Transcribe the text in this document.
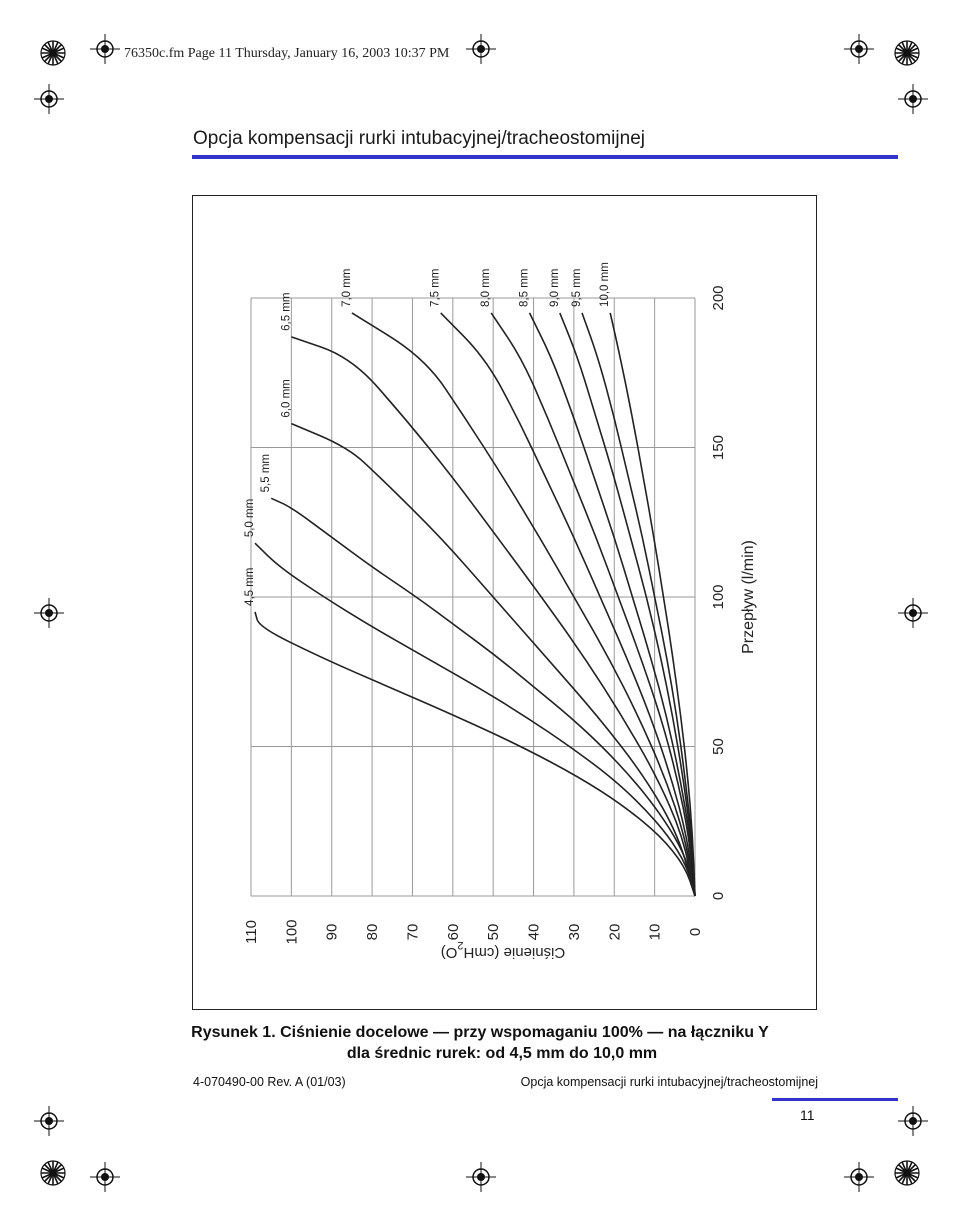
76350c.fm Page 11 Thursday, January 16, 2003 10:37 PM
Opcja kompensacji rurki intubacyjnej/tracheostomijnej
4,5 mm
5,0 mm
5,5 mm
6,0 mm
6,5 mm
7,0 mm	7,5 mm	8,0 mm 8,5 mm 9,0 mm 9,5 mm 10,0 mm
0
10
20
30
40
50
60
70
80
90
100
110
0
50
100
150
200
Przepływ (l/min)
Ciśnienie (cmH$_2$O)
Rysunek 1. Ciśnienie docelowe — przy wspomaganiu 100% — na łączniku Y
dla średnic rurek: od 4,5 mm do 10,0 mm
4-070490-00 Rev. A (01/03)	Opcja kompensacji rurki intubacyjnej/tracheostomijnej
11
